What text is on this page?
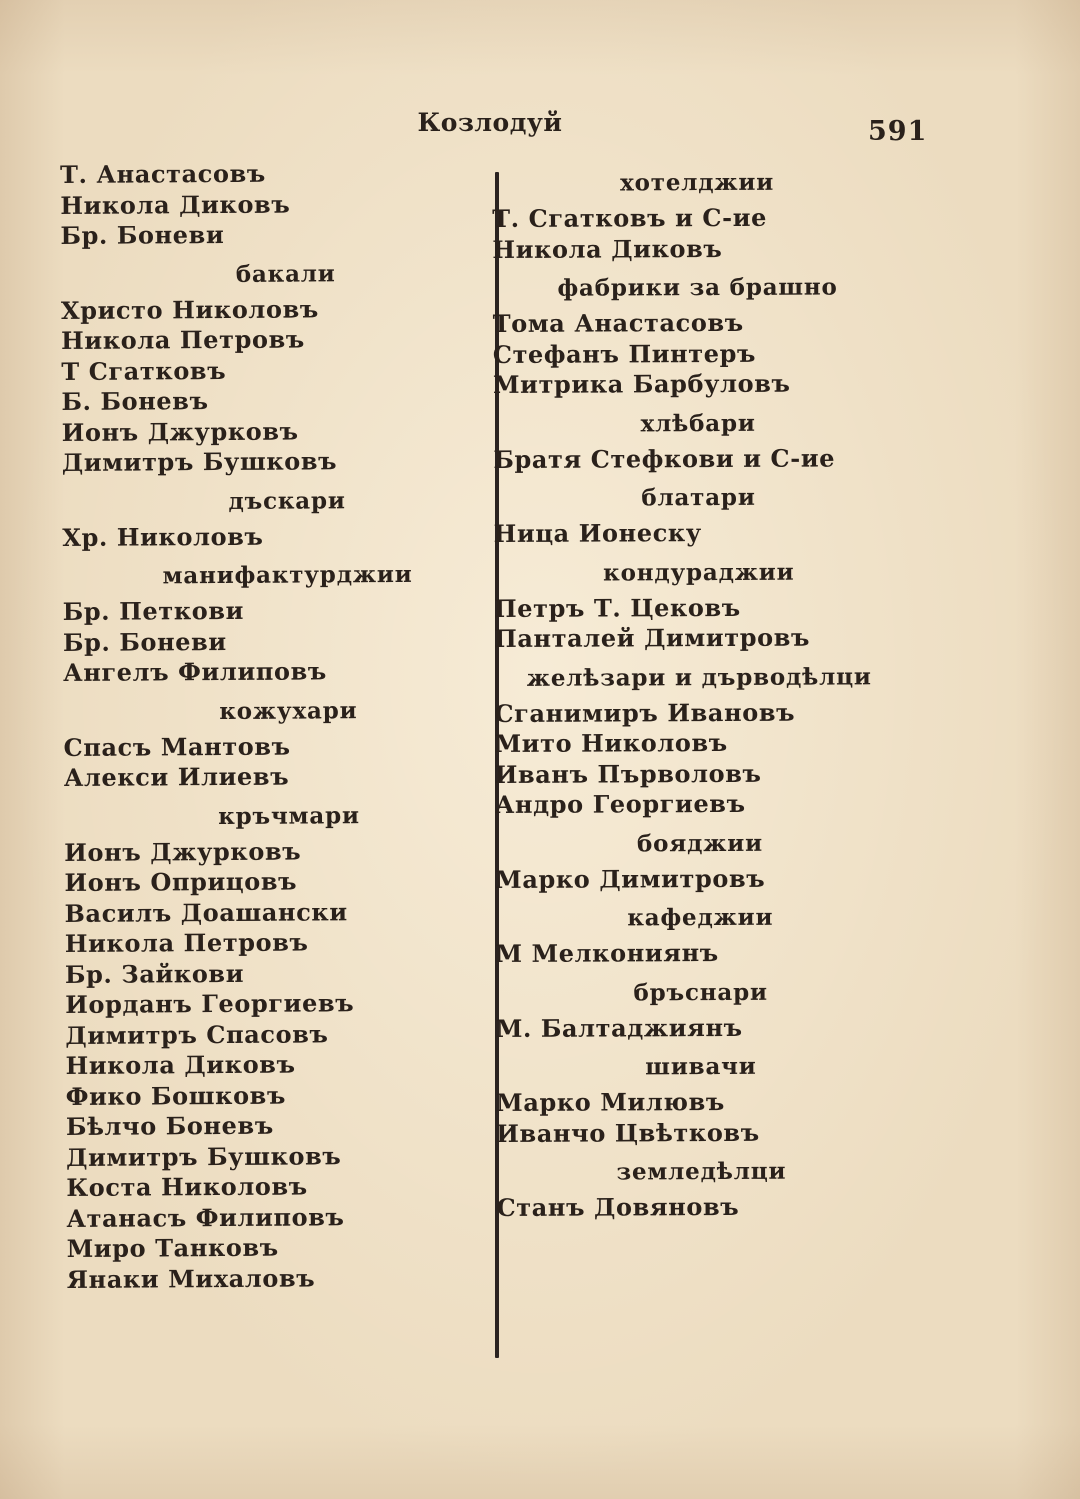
Козлодуй	591
Т. Анастасовъ
Никола Диковъ
Бр. Боневи
бакали
Христо Николовъ
Никола Петровъ
Т Сгатковъ
Б. Боневъ
Ионъ Джурковъ
Димитръ Бушковъ
дъскари
Хр. Николовъ
манифактурджии
Бр. Петкови
Бр. Боневи
Ангелъ Филиповъ
кожухари
Спасъ Мантовъ
Алекси Илиевъ
кръчмари
Ионъ Джурковъ
Ионъ Оприцовъ
Василъ Доашански
Никола Петровъ
Бр. Зайкови
Иорданъ Георгиевъ
Димитръ Спасовъ
Никола Диковъ
Фико Бошковъ
Бѣлчо Боневъ
Димитръ Бушковъ
Коста Николовъ
Атанасъ Филиповъ
Миро Танковъ
Янаки Михаловъ
хотелджии
Т. Сгатковъ и С-ие
Никола Диковъ
фабрики за брашно
Тома Анастасовъ
Стефанъ Пинтеръ
Митрика Барбуловъ
хлѣбари
Братя Стефкови и С-ие
блатари
Ница Ионеску
кондураджии
Петръ Т. Цековъ
Панталей Димитровъ
желѣзари и дърводѣлци
Сганимиръ Ивановъ
Мито Николовъ
Иванъ Първоловъ
Андро Георгиевъ
бояджии
Марко Димитровъ
кафеджии
М Мелкониянъ
бръснари
М. Балтаджиянъ
шивачи
Марко Милювъ
Иванчо Цвѣтковъ
земледѣлци
Станъ Довяновъ
